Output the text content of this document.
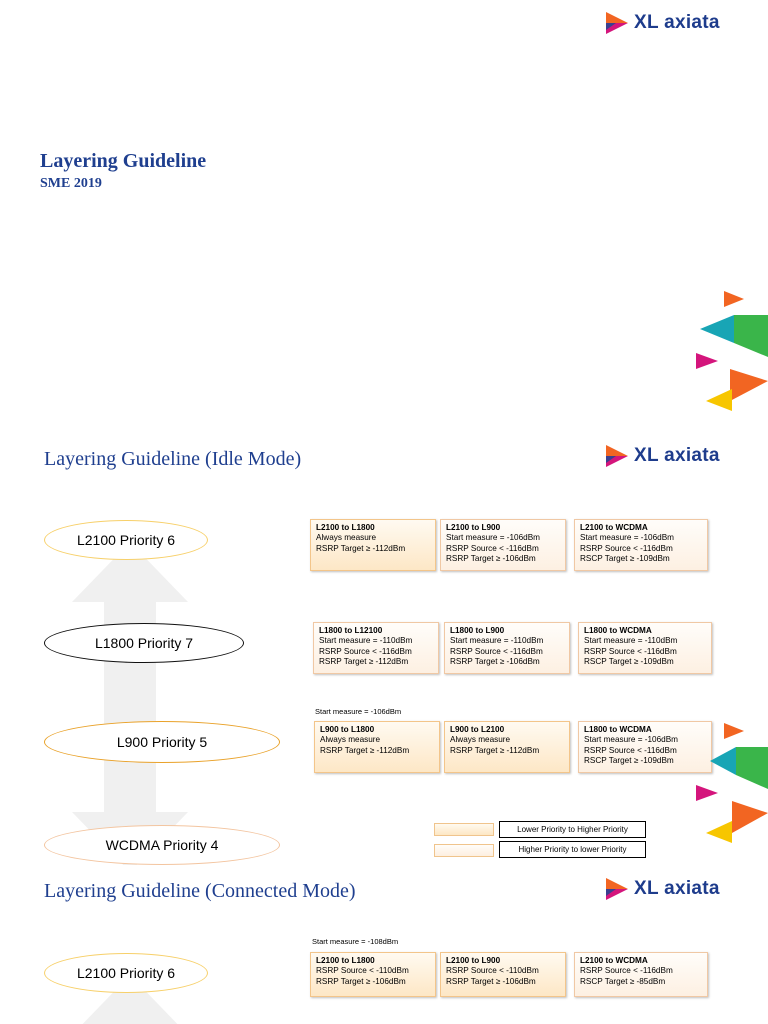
XL axiata
Layering Guideline
SME 2019
Layering Guideline (Idle Mode)	XL axiata
L2100 Priority 6
L1800 Priority 7
L900 Priority 5
WCDMA Priority 4
L2100 to L1800
Always measure
RSRP Target ≥ -112dBm
L2100 to L900
Start measure = -106dBm
RSRP Source < -116dBm
RSRP Target ≥ -106dBm
L2100 to WCDMA
Start measure = -106dBm
RSRP Source < -116dBm
RSCP Target ≥ -109dBm
L1800 to L12100
Start measure = -110dBm
RSRP Source < -116dBm
RSRP Target ≥ -112dBm
L1800 to L900
Start measure = -110dBm
RSRP Source < -116dBm
RSRP Target ≥ -106dBm
L1800 to WCDMA
Start measure = -110dBm
RSRP Source < -116dBm
RSCP Target ≥ -109dBm
Start measure = -106dBm
L900 to L1800
Always measure
RSRP Target ≥ -112dBm
L900 to L2100
Always measure
RSRP Target ≥ -112dBm
L1800 to WCDMA
Start measure = -106dBm
RSRP Source < -116dBm
RSCP Target ≥ -109dBm
Lower Priority to Higher Priority
Higher Priority to lower Priority
Layering Guideline (Connected Mode)	XL axiata
L2100 Priority 6
Start measure = -108dBm
L2100 to L1800
RSRP Source < -110dBm
RSRP Target ≥ -106dBm
L2100 to L900
RSRP Source < -110dBm
RSRP Target ≥ -106dBm
L2100 to WCDMA
RSRP Source < -116dBm
RSCP Target ≥ -85dBm
